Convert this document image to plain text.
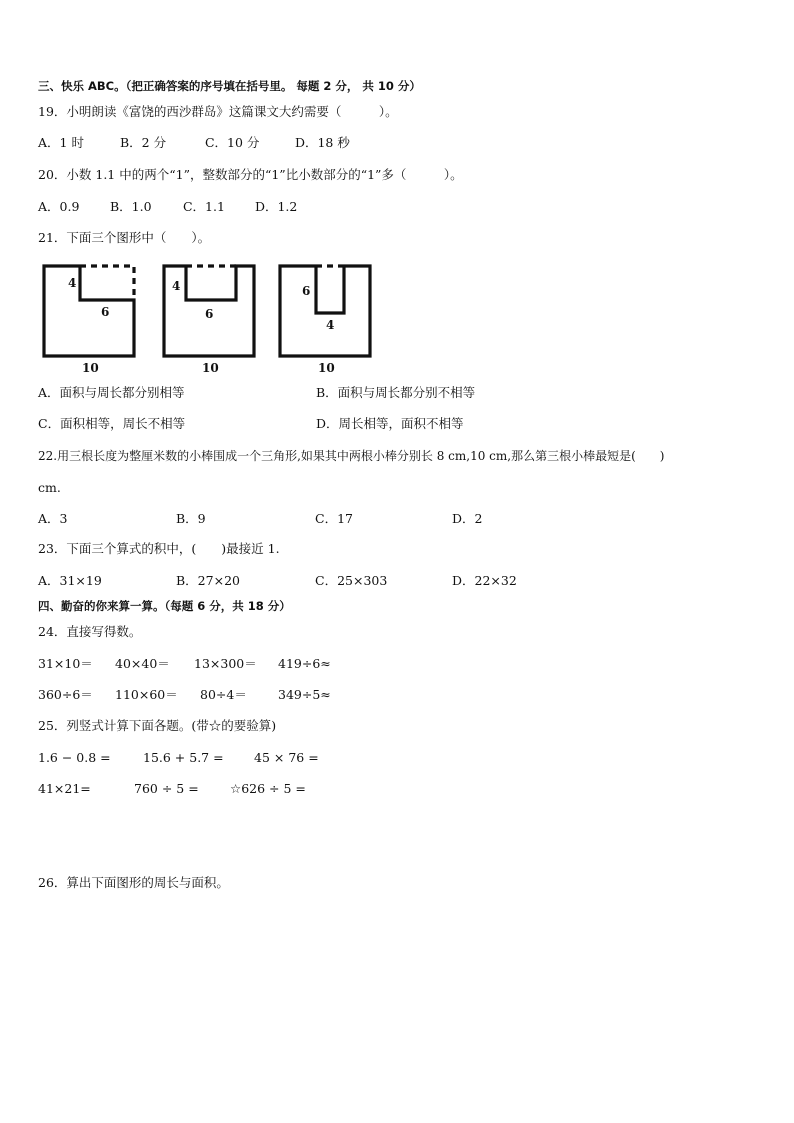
三、快乐 ABC。（把正确答案的序号填在括号里。 每题 2 分， 共 10 分）
19．小明朗读《富饶的西沙群岛》这篇课文大约需要（　　　）。
A．1 时	B．2 分	C．10 分	D．18 秒
20．小数 1.1 中的两个“1”，整数部分的“1”比小数部分的“1”多（　　　）。
A．0.9 B．1.0	C．1.1 D．1.2
21．下面三个图形中（　　）。
4
6
10
4
6
10
6
4
10
A．面积与周长都分别相等	B．面积与周长都分别不相等
C．面积相等，周长不相等	D．周长相等，面积不相等
22.用三根长度为整厘米数的小棒围成一个三角形,如果其中两根小棒分别长 8 cm,10 cm,那么第三根小棒最短是(　　)
cm.
A．3	B．9	C．17	D．2
23．下面三个算式的积中，(　　)最接近 1.
A．31×19	B．27×20	C．25×303	D．22×32
四、勤奋的你来算一算。（每题 6 分，共 18 分）
24．直接写得数。
31×10＝ 40×40＝ 13×300＝ 419÷6≈
360÷6＝ 110×60＝ 80÷4＝ 349÷5≈
25．列竖式计算下面各题。(带☆的要验算)
1.6 − 0.8 =	15.6 + 5.7 = 45 × 76 =
41×21=	760 ÷ 5 =	☆626 ÷ 5 =
26．算出下面图形的周长与面积。
